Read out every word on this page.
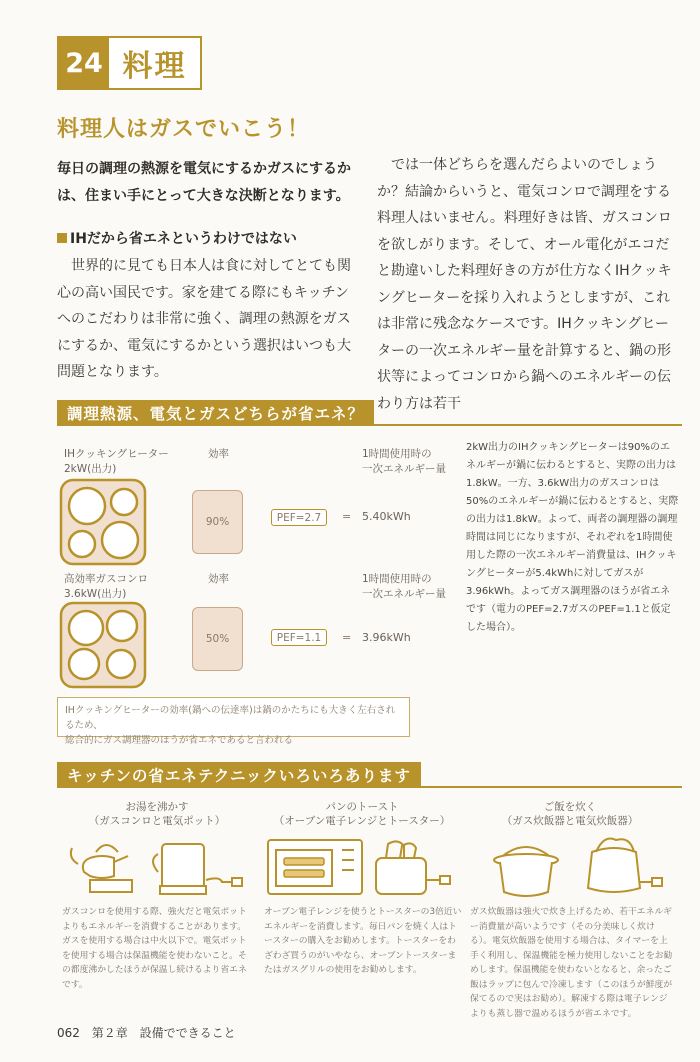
24 料理
料理人はガスでいこう！
毎日の調理の熱源を電気にするかガスにするかは、住まい手にとって大きな決断となります。
IHだから省エネというわけではない
世界的に見ても日本人は食に対してとても関心の高い国民です。家を建てる際にもキッチンへのこだわりは非常に強く、調理の熱源をガスにするか、電気にするかという選択はいつも大問題となります。
では一体どちらを選んだらよいのでしょうか？結論からいうと、電気コンロで調理をする料理人はいません。料理好きは皆、ガスコンロを欲しがります。そして、オール電化がエコだと勘違いした料理好きの方が仕方なくIHクッキングヒーターを採り入れようとしますが、これは非常に残念なケースです。IHクッキングヒーターの一次エネルギー量を計算すると、鍋の形状等によってコンロから鍋へのエネルギーの伝わり方は若干
調理熱源、電気とガスどちらが省エネ？
IHクッキングヒーター
2kW(出力)
効率	1時間使用時の
一次エネルギー量
90%	PEF=2.7	= 5.40kWh
高効率ガスコンロ
3.6kW(出力)
効率	1時間使用時の
一次エネルギー量
50%	PEF=1.1	= 3.96kWh
2kW出力のIHクッキングヒーターは90%のエネルギーが鍋に伝わるとすると、実際の出力は1.8kW。一方、3.6kW出力のガスコンロは50%のエネルギーが鍋に伝わるとすると、実際の出力は1.8kW。よって、両者の調理器の調理時間は同じになりますが、それぞれを1時間使用した際の一次エネルギー消費量は、IHクッキングヒーターが5.4kWhに対してガスが3.96kWh。よってガス調理器のほうが省エネです（電力のPEF=2.7ガスのPEF=1.1と仮定した場合）。
IHクッキングヒーターの効率(鍋への伝達率)は鍋のかたちにも大きく左右されるため、
総合的にガス調理器のほうが省エネであると言われる
キッチンの省エネテクニックいろいろあります
お湯を沸かす
（ガスコンロと電気ポット）
ガスコンロを使用する際、強火だと電気ポットよりもエネルギーを消費することがあります。ガスを使用する場合は中火以下で。電気ポットを使用する場合は保温機能を使わないこと。その都度沸かしたほうが保温し続けるより省エネです。
パンのトースト
（オーブン電子レンジとトースター）
オーブン電子レンジを使うとトースターの3倍近いエネルギーを消費します。毎日パンを焼く人はトースターの購入をお勧めします。トースターをわざわざ買うのがいやなら、オーブントースターまたはガスグリルの使用をお勧めします。
ご飯を炊く
（ガス炊飯器と電気炊飯器）
ガス炊飯器は強火で炊き上げるため、若干エネルギー消費量が高いようです（その分美味しく炊ける）。電気炊飯器を使用する場合は、タイマーを上手く利用し、保温機能を極力使用しないことをお勧めします。保温機能を使わないとなると、余ったご飯はラップに包んで冷凍します（このほうが鮮度が保てるので実はお勧め）。解凍する際は電子レンジよりも蒸し器で温めるほうが省エネです。
062 第２章 設備でできること
